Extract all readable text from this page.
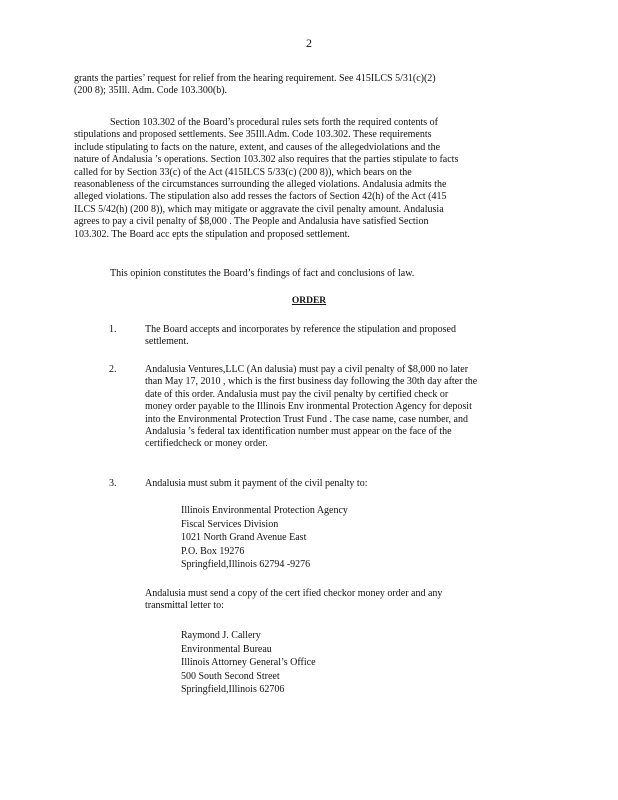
2

grants the parties’ request for relief from the hearing requirement. See 415ILCS 5/31(c)(2)
(200 8); 35Ill. Adm. Code 103.300(b).

Section 103.302 of the Board’s procedural rules sets forth the required contents of
stipulations and proposed settlements. See 35Ill.Adm. Code 103.302. These requirements
include stipulating to facts on the nature, extent, and causes of the allegedviolations and the
nature of Andalusia ’s operations. Section 103.302 also requires that the parties stipulate to facts
called for by Section 33(c) of the Act (415ILCS 5/33(c) (200 8)), which bears on the
reasonableness of the circumstances surrounding the alleged violations. Andalusia admits the
alleged violations. The stipulation also add resses the factors of Section 42(h) of the Act (415
ILCS 5/42(h) (200 8)), which may mitigate or aggravate the civil penalty amount. Andalusia
agrees to pay a civil penalty of $8,000 . The People and Andalusia have satisfied Section
103.302. The Board acc epts the stipulation and proposed settlement.

This opinion constitutes the Board’s findings of fact and conclusions of law.

ORDER
1.	The Board accepts and incorporates by reference the stipulation and proposed
settlement.

2.	Andalusia Ventures,LLC (An dalusia) must pay a civil penalty of $8,000 no later
than May 17, 2010 , which is the first business day following the 30th day after the
date of this order. Andalusia must pay the civil penalty by certified check or
money order payable to the Illinois Env ironmental Protection Agency for deposit
into the Environmental Protection Trust Fund . The case name, case number, and
Andalusia ’s federal tax identification number must appear on the face of the
certifiedcheck or money order.

3.	Andalusia must subm it payment of the civil penalty to:

Illinois Environmental Protection Agency
Fiscal Services Division
1021 North Grand Avenue East
P.O. Box 19276
Springfield,Illinois 62794 -9276

Andalusia must send a copy of the cert ified checkor money order and any
transmittal letter to:

Raymond J. Callery
Environmental Bureau
Illinois Attorney General’s Office
500 South Second Street
Springfield,Illinois 62706
